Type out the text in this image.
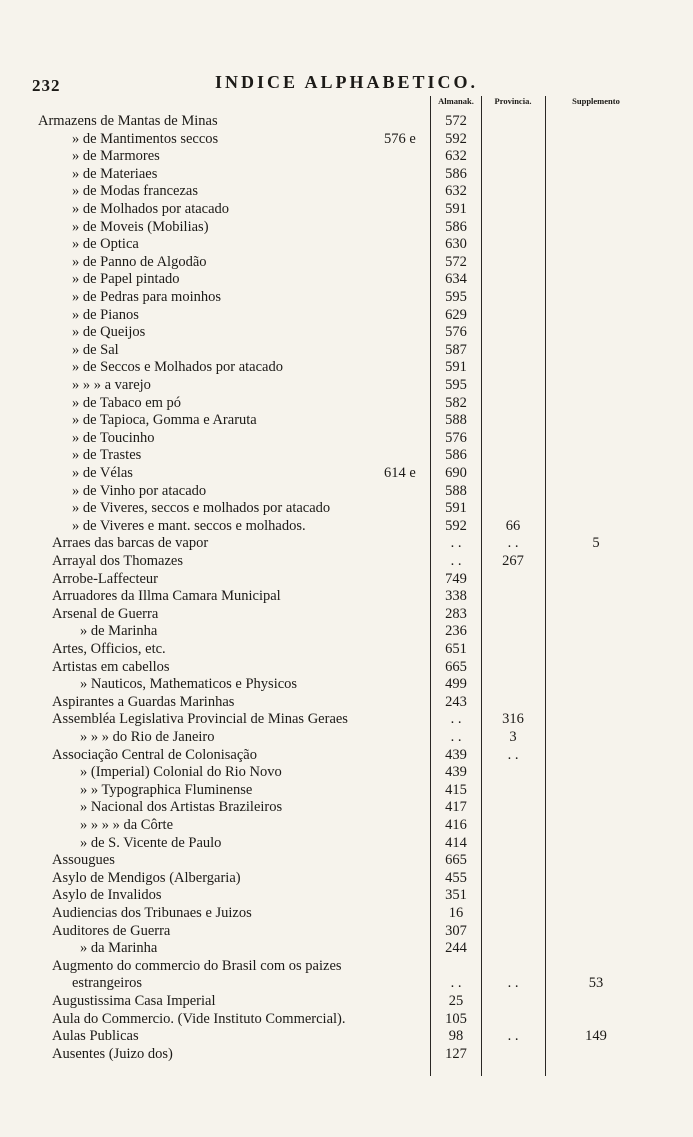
232	INDICE ALPHABETICO.
Almanak.	Provincia.	Supplemento
Armazens de Mantas de Minas	572
» de Mantimentos seccos	576 e	592
» de Marmores	632
» de Materiaes	586
» de Modas francezas	632
» de Molhados por atacado	591
» de Moveis (Mobilias)	586
» de Optica	630
» de Panno de Algodão	572
» de Papel pintado	634
» de Pedras para moinhos	595
» de Pianos	629
» de Queijos	576
» de Sal	587
» de Seccos e Molhados por atacado	591
» » » a varejo	595
» de Tabaco em pó	582
» de Tapioca, Gomma e Araruta	588
» de Toucinho	576
» de Trastes	586
» de Vélas	614 e	690
» de Vinho por atacado	588
» de Viveres, seccos e molhados por atacado	591
» de Viveres e mant. seccos e molhados.	592	66
Arraes das barcas de vapor	. .	. .	5
Arrayal dos Thomazes	. .	267
Arrobe-Laffecteur	749
Arruadores da Illma Camara Municipal	338
Arsenal de Guerra	283
» de Marinha	236
Artes, Officios, etc.	651
Artistas em cabellos	665
» Nauticos, Mathematicos e Physicos	499
Aspirantes a Guardas Marinhas	243
Assembléa Legislativa Provincial de Minas Geraes	. .	316
» » » do Rio de Janeiro	. .	3
Associação Central de Colonisação	439	. .
» (Imperial) Colonial do Rio Novo	439
» » Typographica Fluminense	415
» Nacional dos Artistas Brazileiros	417
» » » » da Côrte	416
» de S. Vicente de Paulo	414
Assougues	665
Asylo de Mendigos (Albergaria)	455
Asylo de Invalidos	351
Audiencias dos Tribunaes e Juizos	16
Auditores de Guerra	307
» da Marinha	244
Augmento do commercio do Brasil com os paizes
estrangeiros	. .	. .	53
Augustissima Casa Imperial	25
Aula do Commercio. (Vide Instituto Commercial).	105
Aulas Publicas	98	. .	149
Ausentes (Juizo dos)	127
